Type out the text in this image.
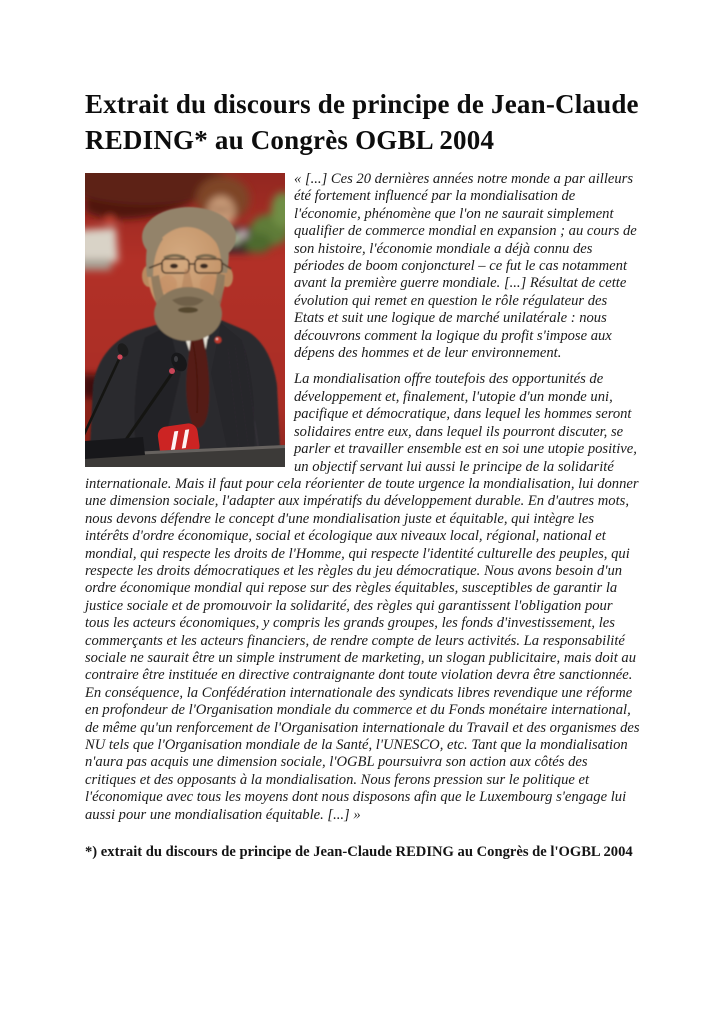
Extrait du discours de principe de Jean-Claude REDING* au Congrès OGBL 2004

« [...] Ces 20 dernières années notre monde a par ailleurs été fortement influencé par la mondialisation de l'économie, phénomène que l'on ne saurait simplement qualifier de commerce mondial en expansion ; au cours de son histoire, l'économie mondiale a déjà connu des périodes de boom conjoncturel – ce fut le cas notamment avant la première guerre mondiale. [...] Résultat de cette évolution qui remet en question le rôle régulateur des Etats et suit une logique de marché unilatérale : nous découvrons comment la logique du profit s'impose aux dépens des hommes et de leur environnement.

La mondialisation offre toutefois des opportunités de développement et, finalement, l'utopie d'un monde uni, pacifique et démocratique, dans lequel les hommes seront solidaires entre eux, dans lequel ils pourront discuter, se parler et travailler ensemble est en soi une utopie positive, un objectif servant lui aussi le principe de la solidarité internationale. Mais il faut pour cela réorienter de toute urgence la mondialisation, lui donner une dimension sociale, l'adapter aux impératifs du développement durable. En d'autres mots, nous devons défendre le concept d'une mondialisation juste et équitable, qui intègre les intérêts d'ordre économique, social et écologique aux niveaux local, régional, national et mondial, qui respecte les droits de l'Homme, qui respecte l'identité culturelle des peuples, qui respecte les droits démocratiques et les règles du jeu démocratique. Nous avons besoin d'un ordre économique mondial qui repose sur des règles équitables, susceptibles de garantir la justice sociale et de promouvoir la solidarité, des règles qui garantissent l'obligation pour tous les acteurs économiques, y compris les grands groupes, les fonds d'investissement, les commerçants et les acteurs financiers, de rendre compte de leurs activités. La responsabilité sociale ne saurait être un simple instrument de marketing, un slogan publicitaire, mais doit au contraire être instituée en directive contraignante dont toute violation devra être sanctionnée. En conséquence, la Confédération internationale des syndicats libres revendique une réforme en profondeur de l'Organisation mondiale du commerce et du Fonds monétaire international, de même qu'un renforcement de l'Organisation internationale du Travail et des organismes des NU tels que l'Organisation mondiale de la Santé, l'UNESCO, etc. Tant que la mondialisation n'aura pas acquis une dimension sociale, l'OGBL poursuivra son action aux côtés des critiques et des opposants à la mondialisation. Nous ferons pression sur le politique et l'économique avec tous les moyens dont nous disposons afin que le Luxembourg s'engage lui aussi pour une mondialisation équitable. [...] »

*) extrait du discours de principe de Jean-Claude REDING au Congrès de l'OGBL 2004
